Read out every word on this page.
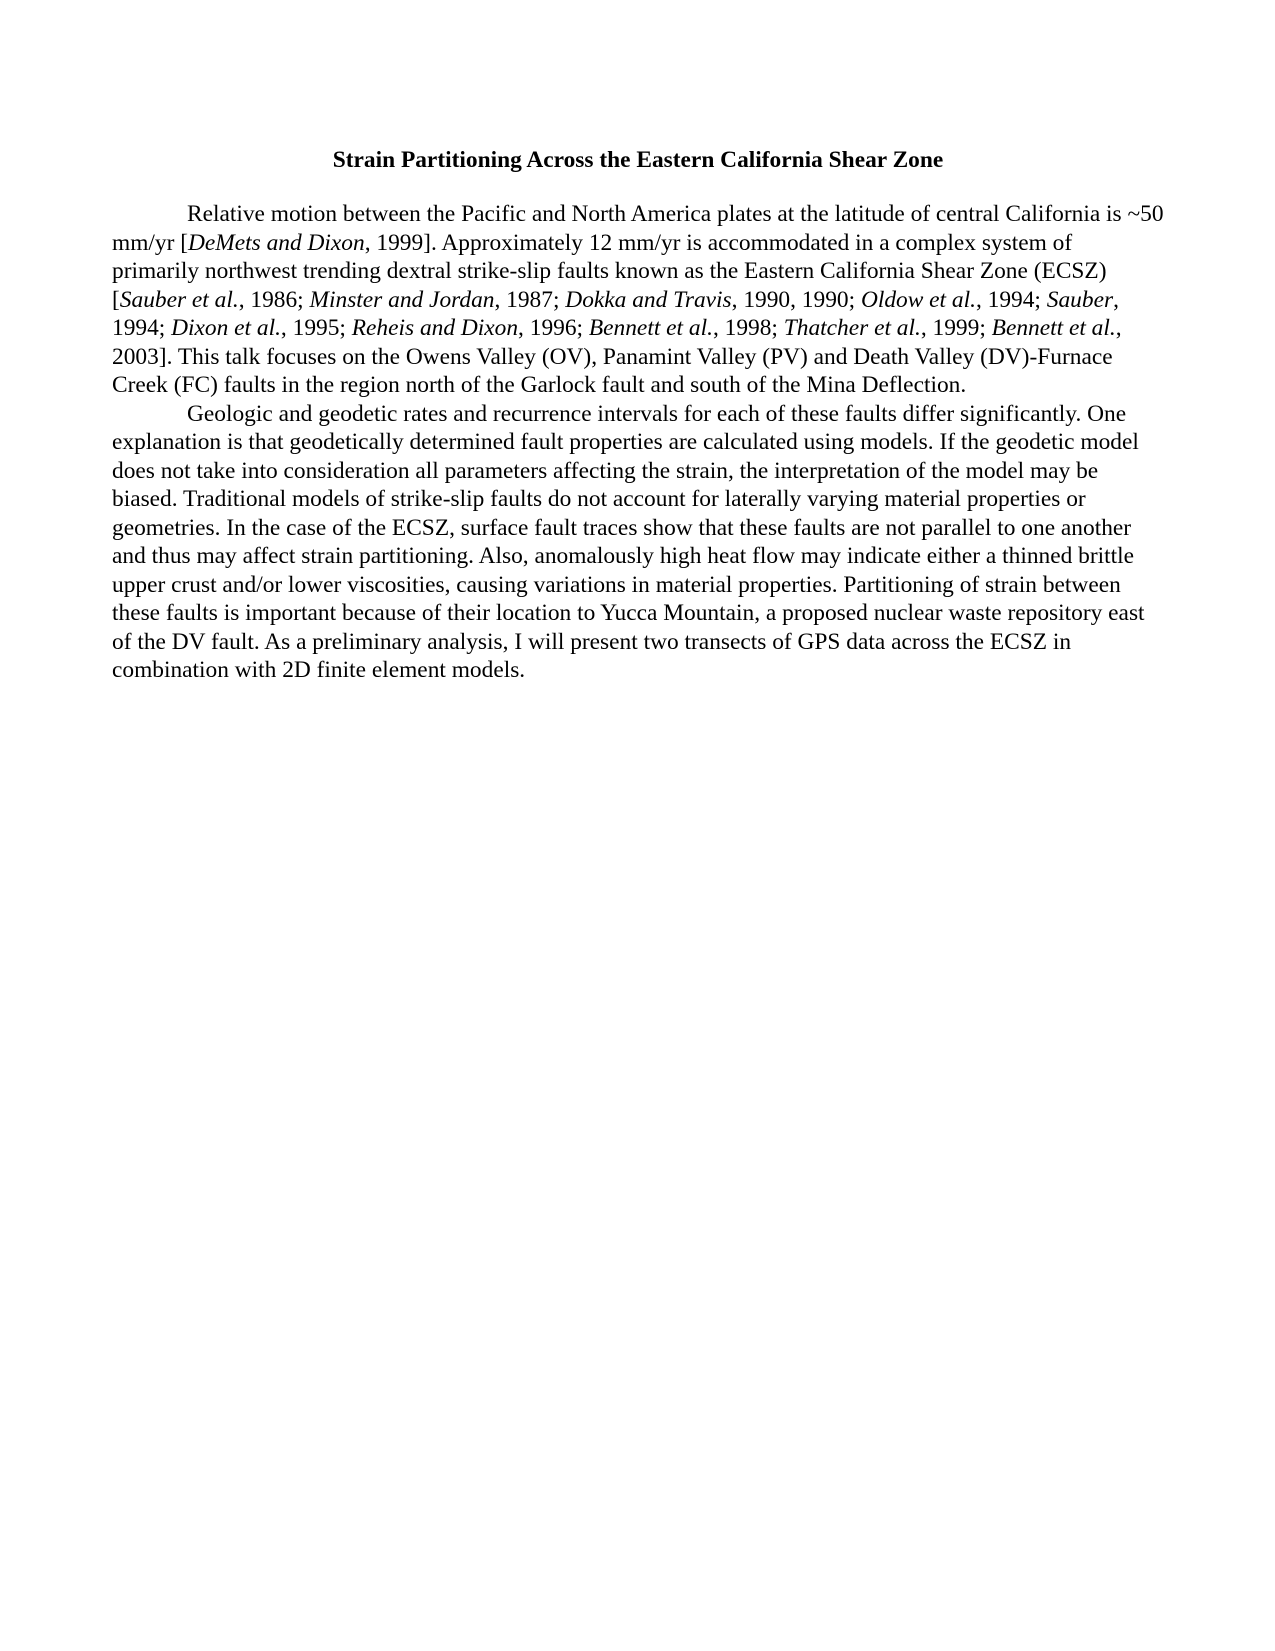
Strain Partitioning Across the Eastern California Shear Zone

Relative motion between the Pacific and North America plates at the latitude of central California is ~50 mm/yr [DeMets and Dixon, 1999]. Approximately 12 mm/yr is accommodated in a complex system of primarily northwest trending dextral strike-slip faults known as the Eastern California Shear Zone (ECSZ) [Sauber et al., 1986; Minster and Jordan, 1987; Dokka and Travis, 1990, 1990; Oldow et al., 1994; Sauber, 1994; Dixon et al., 1995; Reheis and Dixon, 1996; Bennett et al., 1998; Thatcher et al., 1999; Bennett et al., 2003]. This talk focuses on the Owens Valley (OV), Panamint Valley (PV) and Death Valley (DV)-Furnace Creek (FC) faults in the region north of the Garlock fault and south of the Mina Deflection.

Geologic and geodetic rates and recurrence intervals for each of these faults differ significantly. One explanation is that geodetically determined fault properties are calculated using models. If the geodetic model does not take into consideration all parameters affecting the strain, the interpretation of the model may be biased. Traditional models of strike-slip faults do not account for laterally varying material properties or geometries. In the case of the ECSZ, surface fault traces show that these faults are not parallel to one another and thus may affect strain partitioning. Also, anomalously high heat flow may indicate either a thinned brittle upper crust and/or lower viscosities, causing variations in material properties. Partitioning of strain between these faults is important because of their location to Yucca Mountain, a proposed nuclear waste repository east of the DV fault. As a preliminary analysis, I will present two transects of GPS data across the ECSZ in combination with 2D finite element models.
